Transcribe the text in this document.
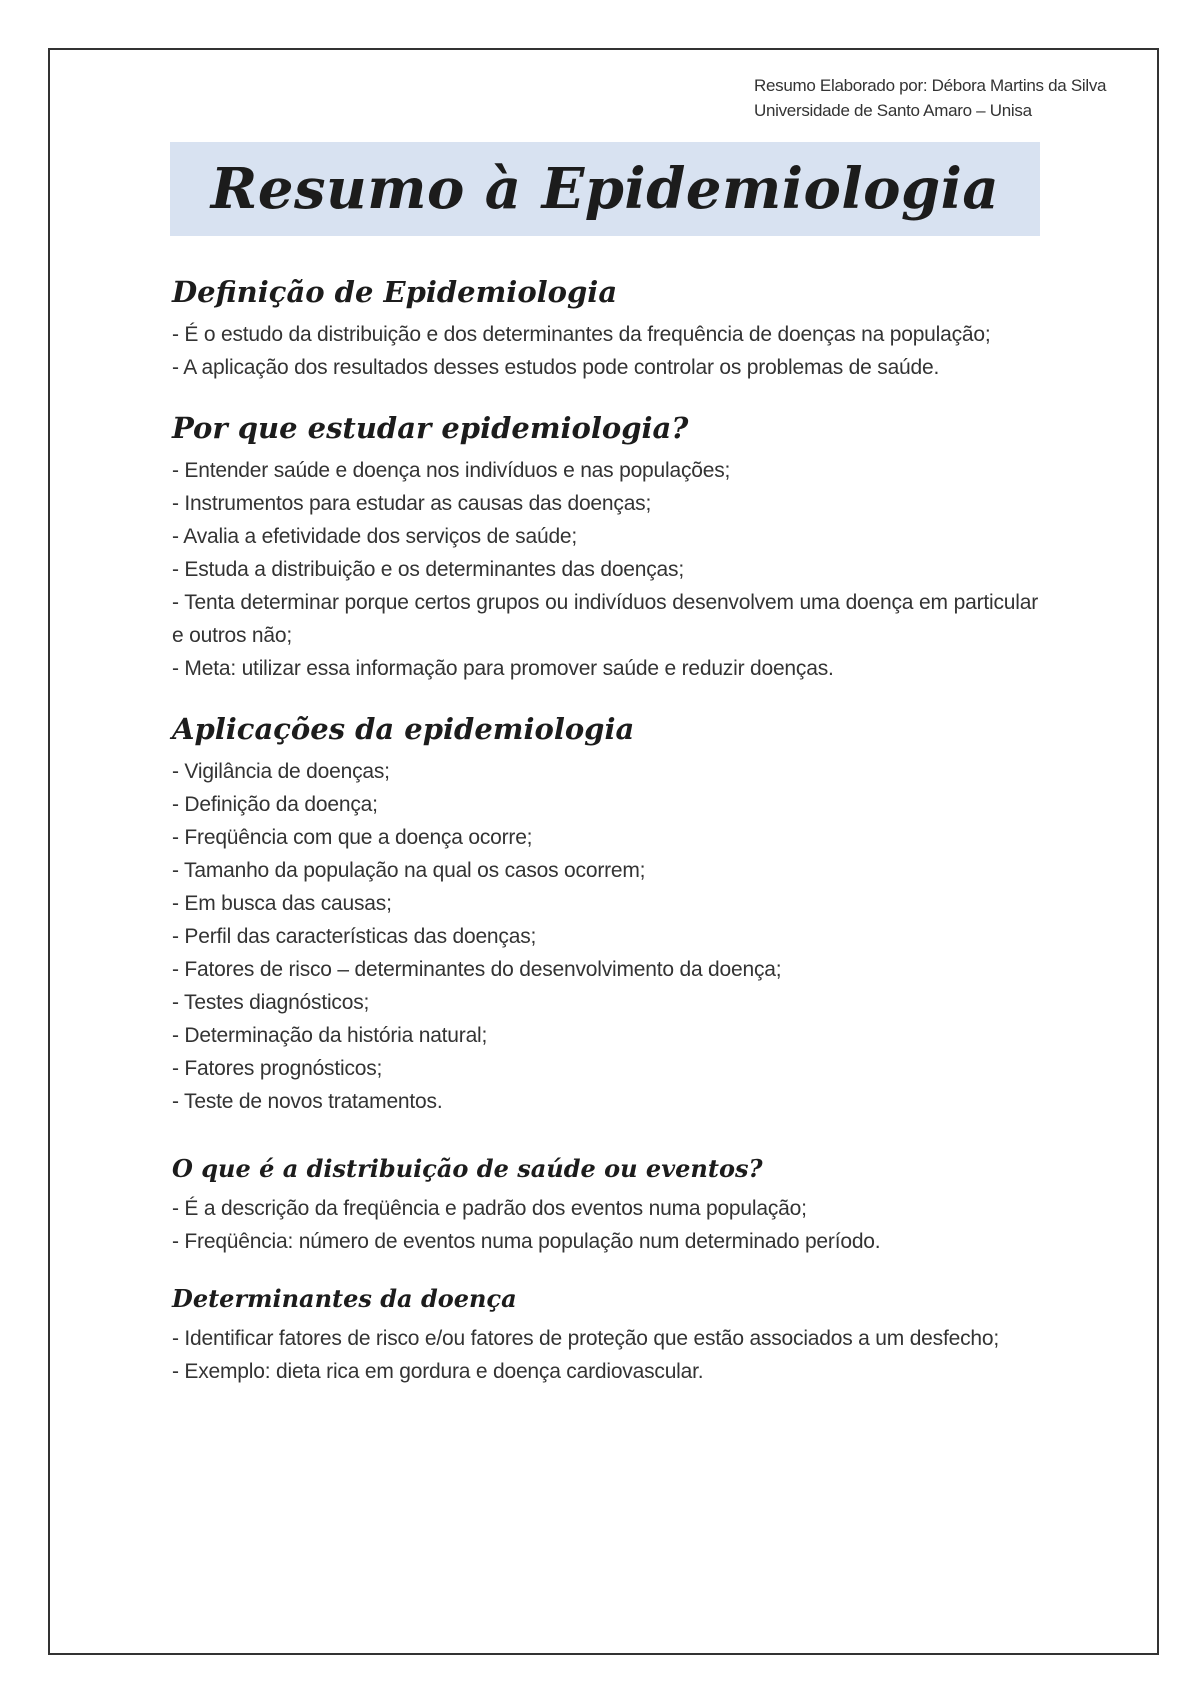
Resumo Elaborado por: Débora Martins da Silva
Universidade de Santo Amaro – Unisa
Resumo à Epidemiologia
Definição de Epidemiologia
- É o estudo da distribuição e dos determinantes da frequência de doenças na população;
- A aplicação dos resultados desses estudos pode controlar os problemas de saúde.
Por que estudar epidemiologia?
- Entender saúde e doença nos indivíduos e nas populações;
- Instrumentos para estudar as causas das doenças;
- Avalia a efetividade dos serviços de saúde;
- Estuda a distribuição e os determinantes das doenças;
- Tenta determinar porque certos grupos ou indivíduos desenvolvem uma doença em particular e outros não;
- Meta: utilizar essa informação para promover saúde e reduzir doenças.
Aplicações da epidemiologia
- Vigilância de doenças;
- Definição da doença;
- Freqüência com que a doença ocorre;
- Tamanho da população na qual os casos ocorrem;
- Em busca das causas;
- Perfil das características das doenças;
- Fatores de risco – determinantes do desenvolvimento da doença;
- Testes diagnósticos;
- Determinação da história natural;
- Fatores prognósticos;
- Teste de novos tratamentos.
O que é a distribuição de saúde ou eventos?
- É a descrição da freqüência e padrão dos eventos numa população;
- Freqüência: número de eventos numa população num determinado período.
Determinantes da doença
- Identificar fatores de risco e/ou fatores de proteção que estão associados a um desfecho;
- Exemplo: dieta rica em gordura e doença cardiovascular.
